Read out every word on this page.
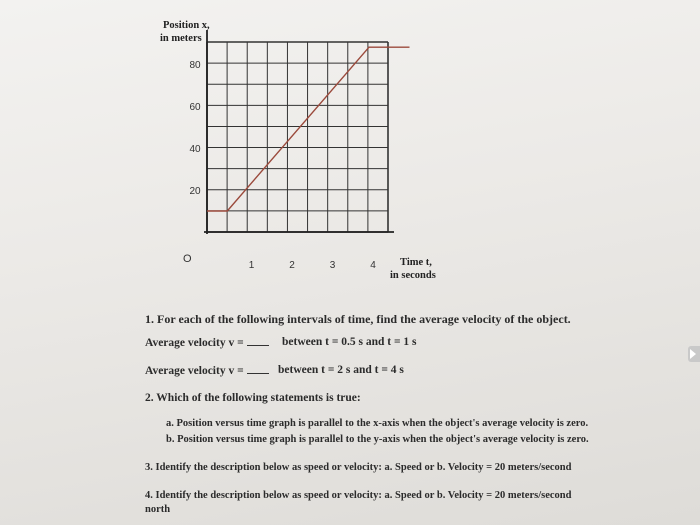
20
40
60
80
1	2	3	4
O
Position x,
in meters
Time t,
in seconds
1. For each of the following intervals of time, find the average velocity of the object.
Average velocity v =	between t = 0.5 s and t = 1 s
Average velocity v =	between t = 2 s and t = 4 s
2. Which of the following statements is true:
a. Position versus time graph is parallel to the x-axis when the object's average velocity is zero.
b. Position versus time graph is parallel to the y-axis when the object's average velocity is zero.
3. Identify the description below as speed or velocity: a. Speed or b. Velocity = 20 meters/second
4. Identify the description below as speed or velocity: a. Speed or b. Velocity = 20 meters/second
north
